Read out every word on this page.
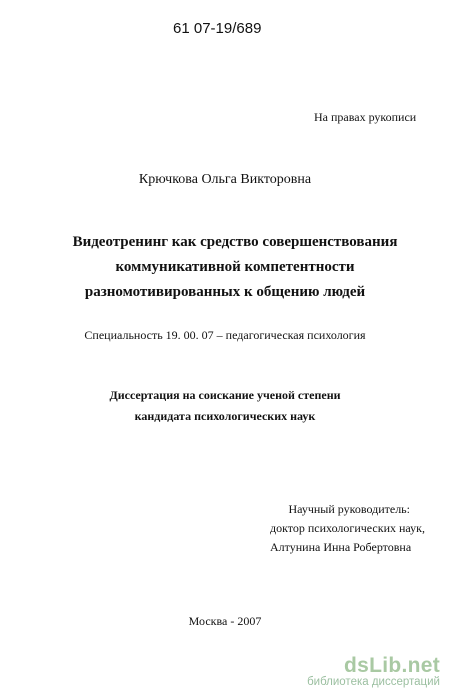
61 07-19/689
На правах рукописи
Крючкова Ольга Викторовна
Видеотренинг как средство совершенствования
коммуникативной компетентности
разномотивированных к общению людей
Специальность 19. 00. 07 – педагогическая психология
Диссертация на соискание ученой степени
кандидата психологических наук
Научный руководитель:
доктор психологических наук,
Алтунина Инна Робертовна
Москва - 2007
dsLib.net
библиотека диссертаций
